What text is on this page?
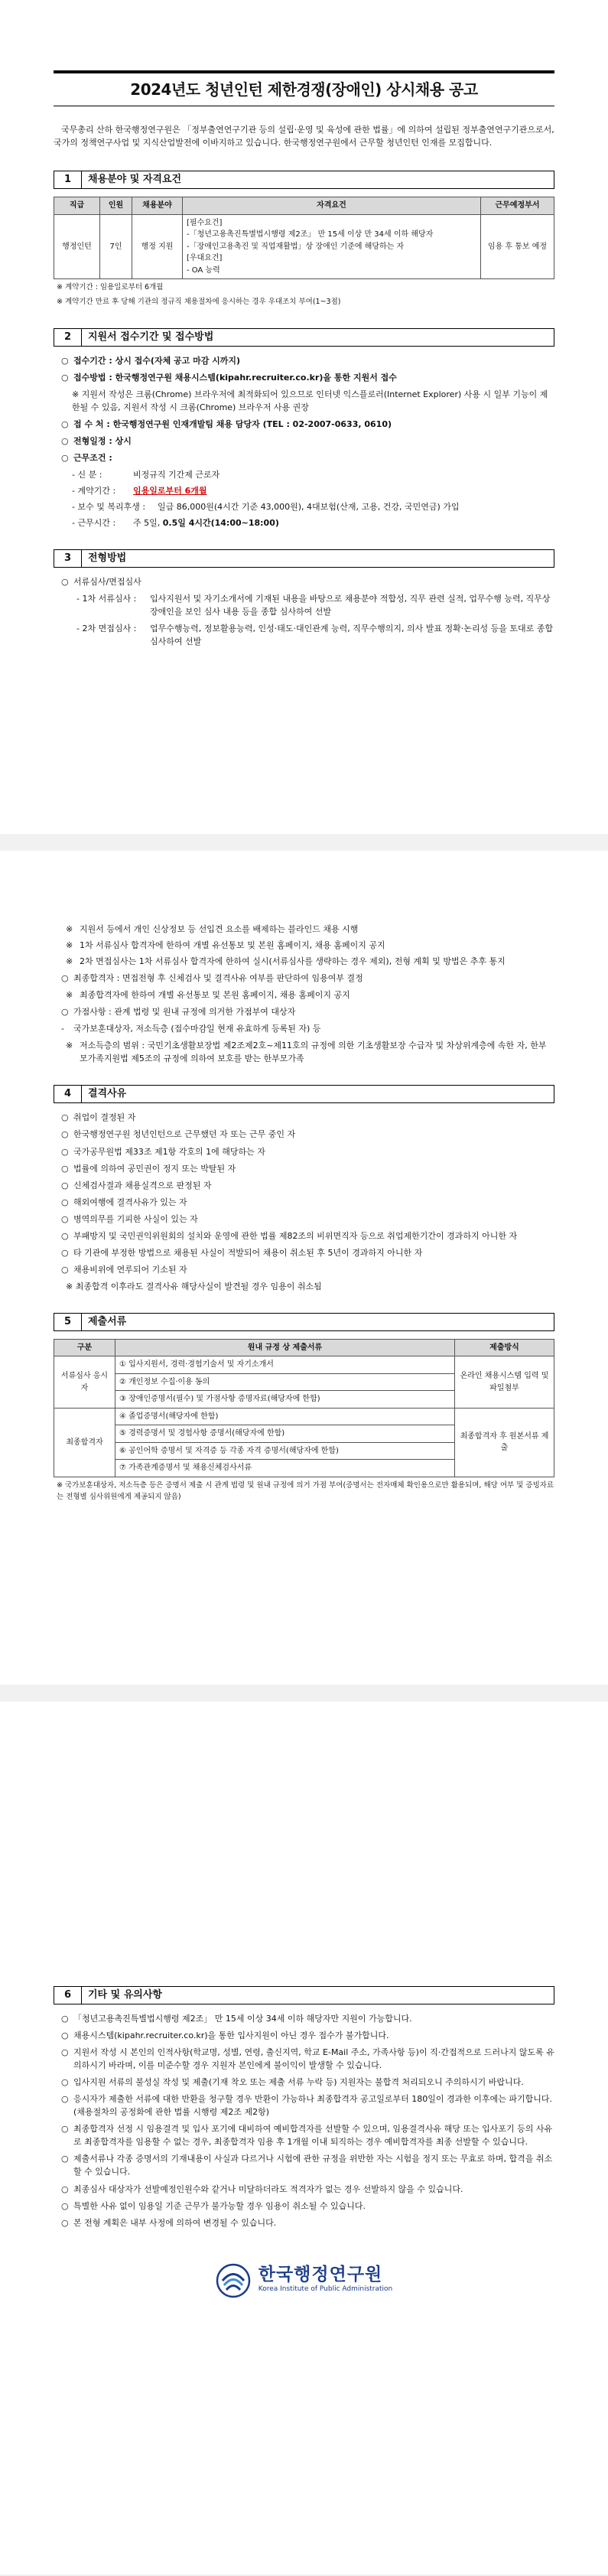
2024년도 청년인턴 제한경쟁(장애인) 상시채용 공고

국무총리 산하 한국행정연구원은 「정부출연연구기관 등의 설립·운영 및 육성에 관한 법률」에 의하여 설립된 정부출연연구기관으로서, 국가의 정책연구사업 및 지식산업발전에 이바지하고 있습니다. 한국행정연구원에서 근무할 청년인턴 인재를 모집합니다.

1	채용분야 및 자격요건
직급	인원	채용분야	자격요건	근무예정부서
행정인턴	7인	행정 지원	[필수요건]
-「청년고용촉진특별법시행령 제2조」 만 15세 이상 만 34세 이하 해당자
-「장애인고용촉진 및 직업재활법」상 장애인 기준에 해당하는 자
[우대요건]
- OA 능력	임용 후 통보 예정
※ 계약기간 : 임용일로부터 6개월
※ 계약기간 만료 후 당해 기관의 정규직 채용절차에 응시하는 경우 우대조치 부여(1~3점)
2	지원서 접수기간 및 접수방법
○ 접수기간 : 상시 접수(자체 공고 마감 시까지)
○ 접수방법 : 한국행정연구원 채용시스템(kipahr.recruiter.co.kr)을 통한 지원서 접수
※ 지원서 작성은 크롬(Chrome) 브라우저에 최적화되어 있으므로 인터넷 익스플로러(Internet Explorer) 사용 시 일부 기능이 제한될 수 있음, 지원서 작성 시 크롬(Chrome) 브라우저 사용 권장
○ 접 수 처 : 한국행정연구원 인재개발팀 채용 담당자 (TEL : 02-2007-0633, 0610)
○ 전형일정 : 상시
○ 근무조건 :
- 신 분 :	비정규직 기간제 근로자
- 계약기간 :	임용일로부터 6개월
- 보수 및 복리후생 :	일급 86,000원(4시간 기준 43,000원), 4대보험(산재, 고용, 건강, 국민연금) 가입
- 근무시간 :	주 5일, 0.5일 4시간(14:00~18:00)
3	전형방법
○ 서류심사/면접심사
- 1차 서류심사 :	입사지원서 및 자기소개서에 기재된 내용을 바탕으로 채용분야 적합성, 직무 관련 실적, 업무수행 능력, 직무상 장애인을 보인 심사 내용 등을 종합 심사하여 선발
- 2차 면접심사 :	업무수행능력, 정보활용능력, 인성·태도·대인관계 능력, 직무수행의지, 의사 발표 정확·논리성 등을 토대로 종합 심사하여 선발
※ 지원서 등에서 개인 신상정보 등 선입견 요소를 배제하는 블라인드 채용 시행
※ 1차 서류심사 합격자에 한하여 개별 유선통보 및 본원 홈페이지, 채용 홈페이지 공지
※ 2차 면접심사는 1차 서류심사 합격자에 한하여 실시(서류심사를 생략하는 경우 제외), 전형 계획 및 방법은 추후 통지
○ 최종합격자 : 면접전형 후 신체검사 및 결격사유 여부를 판단하여 임용여부 결정
※ 최종합격자에 한하여 개별 유선통보 및 본원 홈페이지, 채용 홈페이지 공지
○ 가점사항 : 관계 법령 및 원내 규정에 의거한 가점부여 대상자
-	국가보훈대상자, 저소득층 (접수마감일 현재 유효하게 등록된 자) 등
※ 저소득층의 범위 : 국민기초생활보장법 제2조제2호~제11호의 규정에 의한 기초생활보장 수급자 및 차상위계층에 속한 자, 한부모가족지원법 제5조의 규정에 의하여 보호를 받는 한부모가족
4	결격사유
○ 취업이 결정된 자
○ 한국행정연구원 청년인턴으로 근무했던 자 또는 근무 중인 자
○ 국가공무원법 제33조 제1항 각호의 1에 해당하는 자
○ 법률에 의하여 공민권이 정지 또는 박탈된 자
○ 신체검사결과 채용실격으로 판정된 자
○ 해외여행에 결격사유가 있는 자
○ 병역의무를 기피한 사실이 있는 자
○ 부패방지 및 국민권익위원회의 설치와 운영에 관한 법률 제82조의 비위면직자 등으로 취업제한기간이 경과하지 아니한 자
○ 타 기관에 부정한 방법으로 채용된 사실이 적발되어 채용이 취소된 후 5년이 경과하지 아니한 자
○ 채용비위에 연루되어 기소된 자
※ 최종합격 이후라도 결격사유 해당사실이 발견될 경우 임용이 취소됨
5	제출서류
구분	원내 규정 상 제출서류	제출방식
서류심사 응시자	① 입사지원서, 경력·경험기술서 및 자기소개서	온라인 채용시스템 입력 및 파일첨부
	② 개인정보 수집·이용 동의	
	③ 장애인증명서(필수) 및 가점사항 증명자료(해당자에 한함)	
최종합격자	④ 졸업증명서(해당자에 한함)	최종합격자 후 원본서류 제출
	⑤ 경력증명서 및 경험사항 증명서(해당자에 한함)	
	⑥ 공인어학 증명서 및 자격증 등 각종 자격 증명서(해당자에 한함)	
	⑦ 가족관계증명서 및 채용신체검사서류	
※ 국가보훈대상자, 저소득층 등은 증명서 제출 시 관계 법령 및 원내 규정에 의거 가점 부여(증명서는 전자매체 확인용으로만 활용되며, 해당 여부 및 증빙자료는 전형별 심사위원에게 제공되지 않음)
6	기타 및 유의사항
○ 「청년고용촉진특별법시행령 제2조」 만 15세 이상 34세 이하 해당자만 지원이 가능합니다.
○ 채용시스템(kipahr.recruiter.co.kr)을 통한 입사지원이 아닌 경우 접수가 불가합니다.
○ 지원서 작성 시 본인의 인적사항(학교명, 성별, 연령, 출신지역, 학교 E-Mail 주소, 가족사항 등)이 직·간접적으로 드러나지 않도록 유의하시기 바라며, 이를 미준수할 경우 지원자 본인에게 불이익이 발생할 수 있습니다.
○ 입사지원 서류의 불성실 작성 및 제출(기재 착오 또는 제출 서류 누락 등) 지원자는 불합격 처리되오니 주의하시기 바랍니다.
○ 응시자가 제출한 서류에 대한 반환을 청구할 경우 반환이 가능하나 최종합격자 공고일로부터 180일이 경과한 이후에는 파기합니다.(채용절차의 공정화에 관한 법률 시행령 제2조 제2항)
○ 최종합격자 선정 시 임용결격 및 입사 포기에 대비하여 예비합격자를 선발할 수 있으며, 임용결격사유 해당 또는 입사포기 등의 사유로 최종합격자를 임용할 수 없는 경우, 최종합격자 임용 후 1개월 이내 퇴직하는 경우 예비합격자를 최종 선발할 수 있습니다.
○ 제출서류나 각종 증명서의 기재내용이 사실과 다르거나 시험에 관한 규정을 위반한 자는 시험을 정지 또는 무효로 하며, 합격을 취소할 수 있습니다.
○ 최종심사 대상자가 선발예정인원수와 같거나 미달하더라도 적격자가 없는 경우 선발하지 않을 수 있습니다.
○ 특별한 사유 없이 임용일 기준 근무가 불가능할 경우 임용이 취소될 수 있습니다.
○ 본 전형 계획은 내부 사정에 의하여 변경될 수 있습니다.
한국행정연구원
Korea Institute of Public Administration
